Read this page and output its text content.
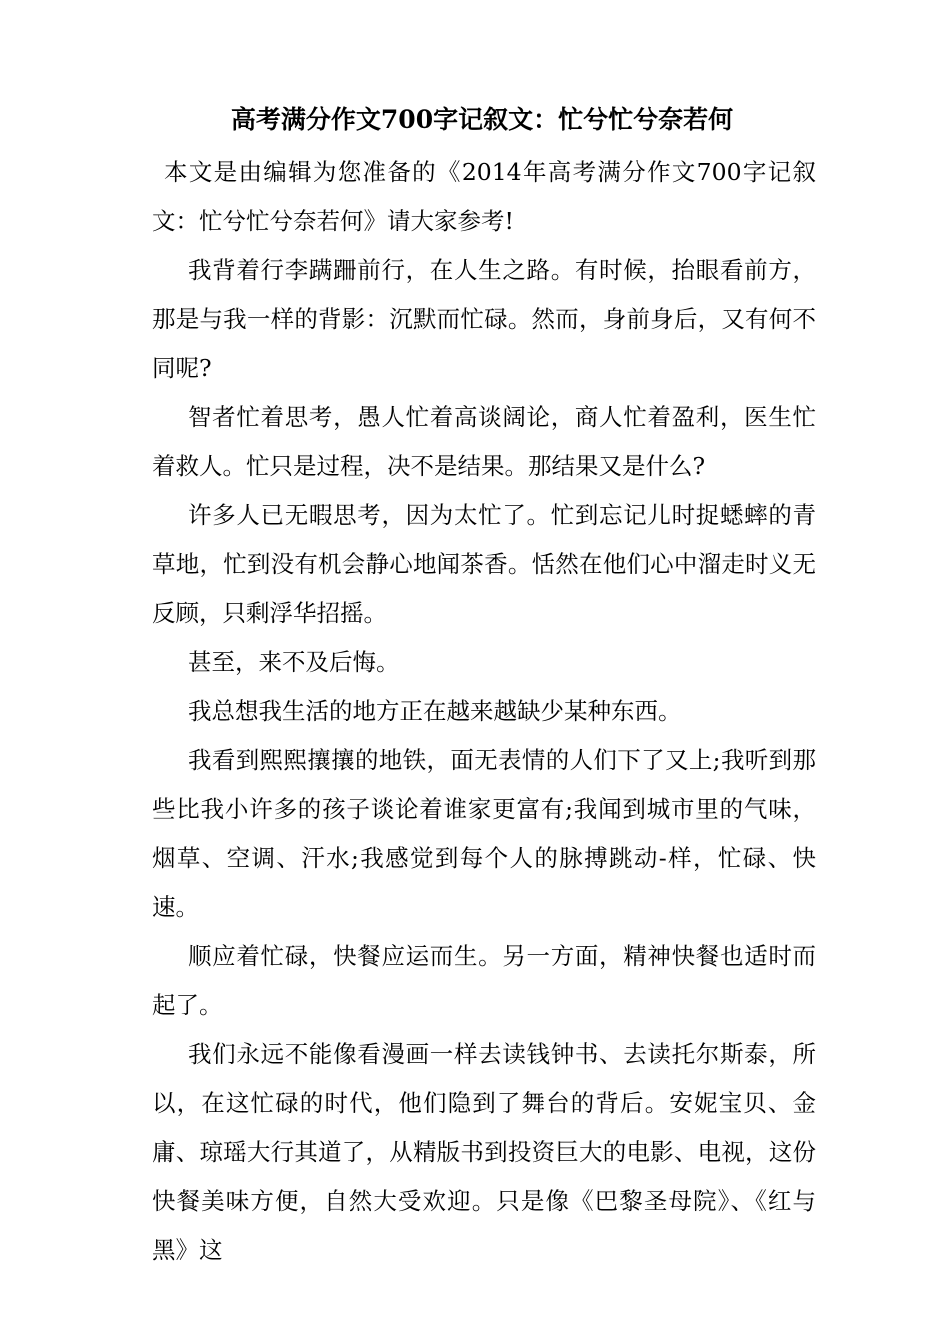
高考满分作文700字记叙文：忙兮忙兮奈若何

本文是由编辑为您准备的《2014年高考满分作文700字记叙文：忙兮忙兮奈若何》请大家参考!

我背着行李蹒跚前行，在人生之路。有时候，抬眼看前方，那是与我一样的背影：沉默而忙碌。然而，身前身后，又有何不同呢?

智者忙着思考，愚人忙着高谈阔论，商人忙着盈利，医生忙着救人。忙只是过程，决不是结果。那结果又是什么?

许多人已无暇思考，因为太忙了。忙到忘记儿时捉蟋蟀的青草地，忙到没有机会静心地闻茶香。恬然在他们心中溜走时义无反顾，只剩浮华招摇。

甚至，来不及后悔。

我总想我生活的地方正在越来越缺少某种东西。

我看到熙熙攘攘的地铁，面无表情的人们下了又上;我听到那些比我小许多的孩子谈论着谁家更富有;我闻到城市里的气味，烟草、空调、汗水;我感觉到每个人的脉搏跳动-样，忙碌、快速。

顺应着忙碌，快餐应运而生。另一方面，精神快餐也适时而起了。

我们永远不能像看漫画一样去读钱钟书、去读托尔斯泰，所以，在这忙碌的时代，他们隐到了舞台的背后。安妮宝贝、金庸、琼瑶大行其道了，从精版书到投资巨大的电影、电视，这份快餐美味方便，自然大受欢迎。只是像《巴黎圣母院》、《红与黑》这
